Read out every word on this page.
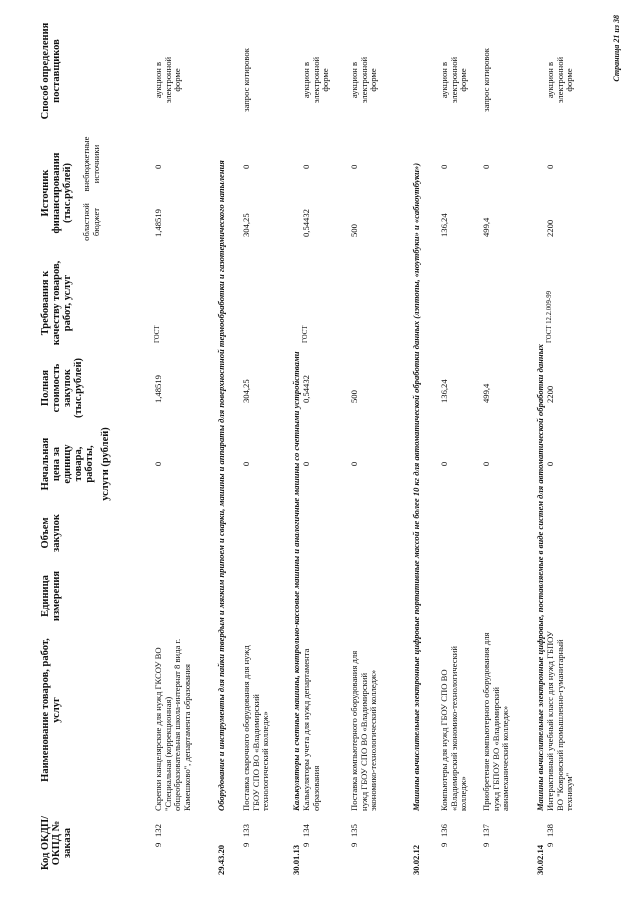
Код ОКДП/ ОКПД № заказа
Наименование товаров, работ, услуг
Единица измерения
Объем закупок
Начальная цена за единицу товара, работы, услуги (рублей)
Полная стоимость закупок (тыс.рублей)
Требования к качеству товаров, работ, услуг
Источник финансирования (тыс.рублей) областной бюджет
внебюджетные источники
Способ определения поставщиков
9
132
Скрепки канцелярские для нужд ГКСОУ ВО "Специальная (коррекционная) общеобразовательная школа-интернат 8 вида г. Камешково", департамента образования
0
1,48519
ГОСТ
1,48519
0
аукцион в электронной форме
29.43.20
Оборудование и инструменты для пайки твердым и мягким припоем и сварки, машины и аппараты для поверхностной термообработки и газотермического напыления
9
133
Поставка сварочного оборудования для нужд ГБОУ СПО ВО «Владимирский технологический колледж»
0
304,25
304,25
0
запрос котировок
30.01.13
Калькуляторы и счетные машины, контрольно-кассовые машины и аналогичные машины со счетными устройствами
9
134
Калькуляторы учета для нужд департамента образования
0
0,54432
ГОСТ
0,54432
0
аукцион в электронной форме
9
135
Поставка компьютерного оборудования для нужд ГБОУ СПО ВО «Владимирский экономико-технологический колледж»
0
500
500
0
аукцион в электронной форме
30.02.12
Машины вычислительные электронные цифровые портативные массой не более 10 кг для автоматической обработки данных (лэптопы, «ноутбуки» и «сабноутбуки»)
9
136
Компьютеры для нужд ГБОУ СПО ВО «Владимирский экономико-технологический колледж»
0
136,24
136,24
0
аукцион в электронной форме
9
137
Приобретение компьютерного оборудования для нужд ГБПОУ ВО «Владимирский авиамеханический колледж»
0
499,4
499,4
0
запрос котировок
30.02.14
Машины вычислительные электронные цифровые, поставляемые в виде систем для автоматической обработки данных
9
138
Интерактивный учебный класс для нужд ГБПОУ ВО "Ковровский промышленно-гуманитарный техникум"
0
2200
ГОСТ 12.2.009-99
2200
0
аукцион в электронной форме	Страница 21 из 38
